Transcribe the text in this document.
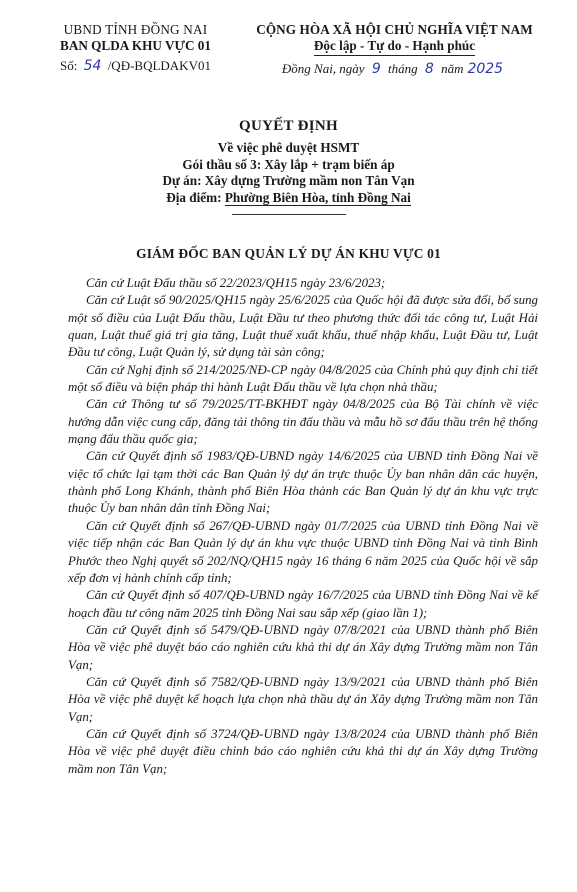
UBND TỈNH ĐỒNG NAI
BAN QLDA KHU VỰC 01
Số: 54 /QĐ-BQLDAKV01
CỘNG HÒA XÃ HỘI CHỦ NGHĨA VIỆT NAM
Độc lập - Tự do - Hạnh phúc
Đồng Nai, ngày 9 tháng 8 năm 2025
QUYẾT ĐỊNH
Về việc phê duyệt HSMT
Gói thầu số 3: Xây lắp + trạm biến áp
Dự án: Xây dựng Trường mầm non Tân Vạn
Địa điểm: Phường Biên Hòa, tỉnh Đồng Nai
GIÁM ĐỐC BAN QUẢN LÝ DỰ ÁN KHU VỰC 01

Căn cứ Luật Đấu thầu số 22/2023/QH15 ngày 23/6/2023;

Căn cứ Luật số 90/2025/QH15 ngày 25/6/2025 của Quốc hội đã được sửa đổi, bổ sung một số điều của Luật Đấu thầu, Luật Đầu tư theo phương thức đối tác công tư, Luật Hải quan, Luật thuế giá trị gia tăng, Luật thuế xuất khẩu, thuế nhập khẩu, Luật Đầu tư, Luật Đầu tư công, Luật Quản lý, sử dụng tài sản công;

Căn cứ Nghị định số 214/2025/NĐ-CP ngày 04/8/2025 của Chính phủ quy định chi tiết một số điều và biện pháp thi hành Luật Đấu thầu về lựa chọn nhà thầu;

Căn cứ Thông tư số 79/2025/TT-BKHĐT ngày 04/8/2025 của Bộ Tài chính về việc hướng dẫn việc cung cấp, đăng tải thông tin đấu thầu và mẫu hồ sơ đấu thầu trên hệ thống mạng đấu thầu quốc gia;

Căn cứ Quyết định số 1983/QĐ-UBND ngày 14/6/2025 của UBND tỉnh Đồng Nai về việc tổ chức lại tạm thời các Ban Quản lý dự án trực thuộc Ủy ban nhân dân các huyện, thành phố Long Khánh, thành phố Biên Hòa thành các Ban Quản lý dự án khu vực trực thuộc Ủy ban nhân dân tỉnh Đồng Nai;

Căn cứ Quyết định số 267/QĐ-UBND ngày 01/7/2025 của UBND tỉnh Đồng Nai về việc tiếp nhận các Ban Quản lý dự án khu vực thuộc UBND tỉnh Đồng Nai và tỉnh Bình Phước theo Nghị quyết số 202/NQ/QH15 ngày 16 tháng 6 năm 2025 của Quốc hội về sắp xếp đơn vị hành chính cấp tỉnh;

Căn cứ Quyết định số 407/QĐ-UBND ngày 16/7/2025 của UBND tỉnh Đồng Nai về kế hoạch đầu tư công năm 2025 tỉnh Đồng Nai sau sắp xếp (giao lần 1);

Căn cứ Quyết định số 5479/QĐ-UBND ngày 07/8/2021 của UBND thành phố Biên Hòa về việc phê duyệt báo cáo nghiên cứu khả thi dự án Xây dựng Trường mầm non Tân Vạn;

Căn cứ Quyết định số 7582/QĐ-UBND ngày 13/9/2021 của UBND thành phố Biên Hòa về việc phê duyệt kế hoạch lựa chọn nhà thầu dự án Xây dựng Trường mầm non Tân Vạn;

Căn cứ Quyết định số 3724/QĐ-UBND ngày 13/8/2024 của UBND thành phố Biên Hòa về việc phê duyệt điều chỉnh báo cáo nghiên cứu khả thi dự án Xây dựng Trường mầm non Tân Vạn;
